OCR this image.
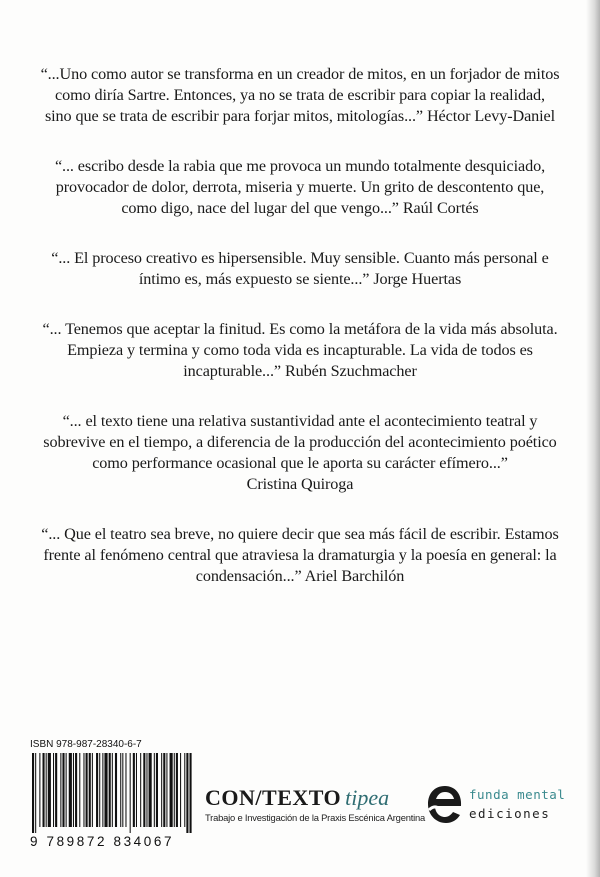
“...Uno como autor se transforma en un creador de mitos, en un forjador de mitos como diría Sartre. Entonces, ya no se trata de escribir para copiar la realidad, sino que se trata de escribir para forjar mitos, mitologías...” Héctor Levy-Daniel

“... escribo desde la rabia que me provoca un mundo totalmente desquiciado, provocador de dolor, derrota, miseria y muerte. Un grito de descontento que, como digo, nace del lugar del que vengo...” Raúl Cortés

“... El proceso creativo es hipersensible. Muy sensible. Cuanto más personal e íntimo es, más expuesto se siente...” Jorge Huertas

“... Tenemos que aceptar la finitud. Es como la metáfora de la vida más absoluta. Empieza y termina y como toda vida es incapturable. La vida de todos es incapturable...” Rubén Szuchmacher

“... el texto tiene una relativa sustantividad ante el acontecimiento teatral y sobrevive en el tiempo, a diferencia de la producción del acontecimiento poético como performance ocasional que le aporta su carácter efímero...” Cristina Quiroga

“... Que el teatro sea breve, no quiere decir que sea más fácil de escribir. Estamos frente al fenómeno central que atraviesa la dramaturgia y la poesía en general: la condensación...” Ariel Barchilón

ISBN 978-987-28340-6-7
9 789872 834067
CON/TEXTO tipea
Trabajo e Investigación de la Praxis Escénica Argentina
funda mental
ediciones
